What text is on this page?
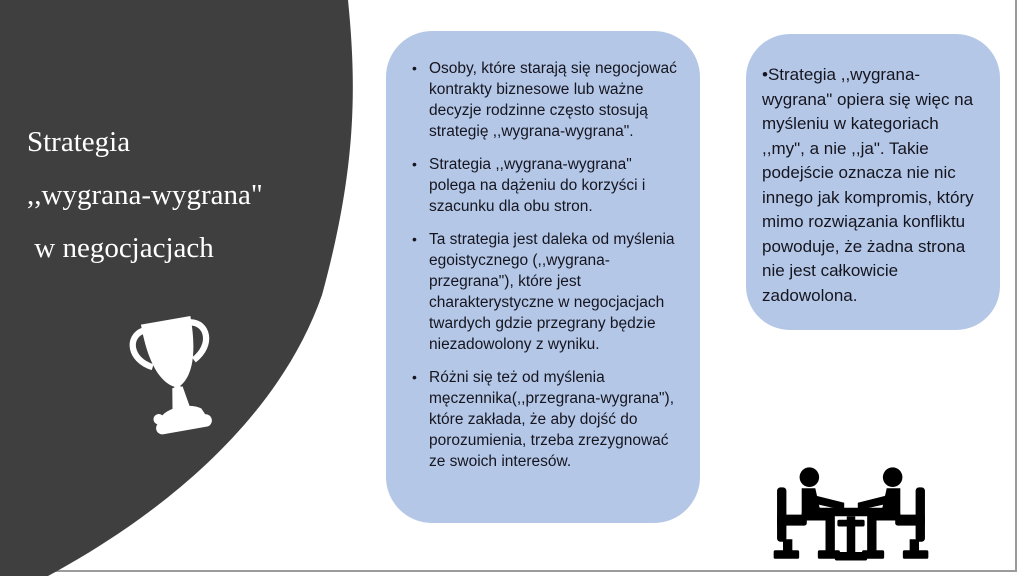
Strategia
,,wygrana-wygrana"
w negocjacjach
• Osoby, które starają się negocjować kontrakty biznesowe lub ważne decyzje rodzinne często stosują strategię ,,wygrana-wygrana".
• Strategia ,,wygrana-wygrana" polega na dążeniu do korzyści i szacunku dla obu stron.
• Ta strategia jest daleka od myślenia egoistycznego (,,wygrana-przegrana"), które jest charakterystyczne w negocjacjach twardych gdzie przegrany będzie niezadowolony z wyniku.
• Różni się też od myślenia męczennika(,,przegrana-wygrana"), które zakłada, że aby dojść do porozumienia, trzeba zrezygnować ze swoich interesów.

•Strategia ,,wygrana-wygrana" opiera się więc na myśleniu w kategoriach ,,my", a nie ,,ja". Takie podejście oznacza nie nic innego jak kompromis, który mimo rozwiązania konfliktu powoduje, że żadna strona nie jest całkowicie zadowolona.
